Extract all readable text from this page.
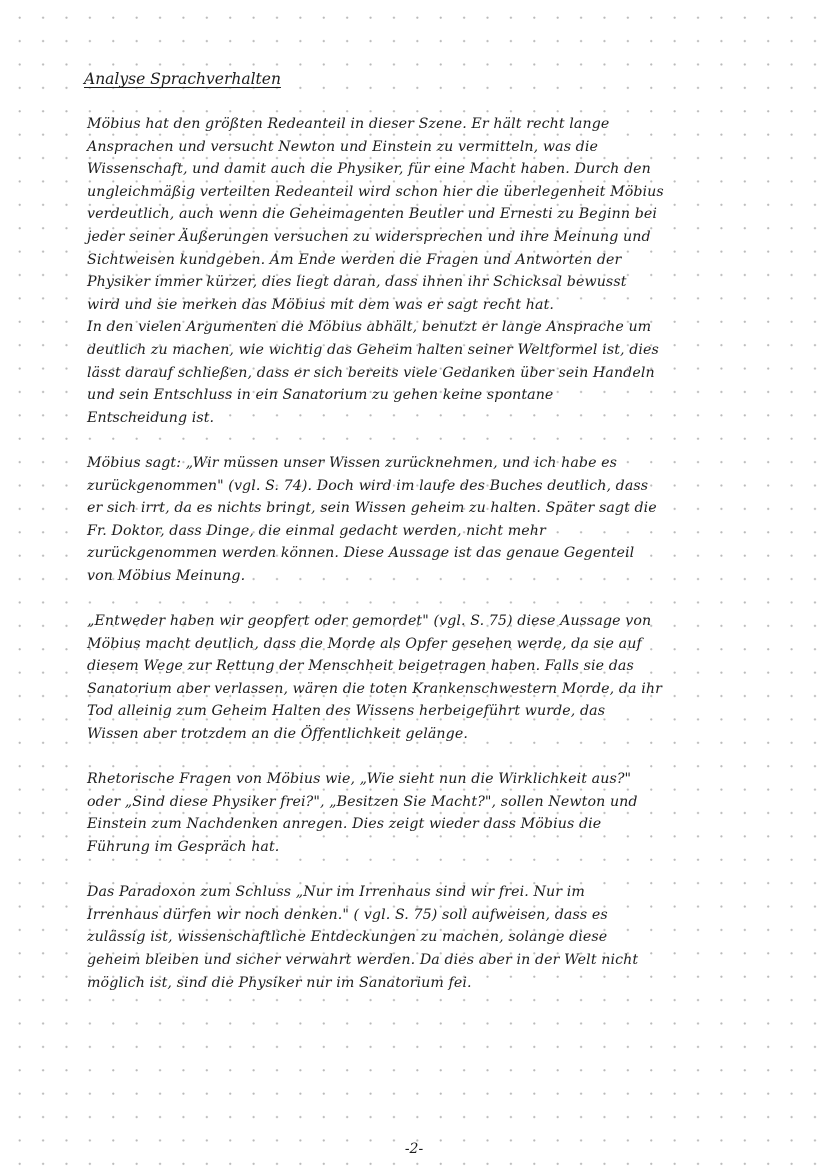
Analyse Sprachverhalten
Möbius hat den größten Redeanteil in dieser Szene. Er hält recht lange
Ansprachen und versucht Newton und Einstein zu vermitteln, was die
Wissenschaft, und damit auch die Physiker, für eine Macht haben. Durch den
ungleichmäßig verteilten Redeanteil wird schon hier die überlegenheit Möbius
verdeutlich, auch wenn die Geheimagenten Beutler und Ernesti zu Beginn bei
jeder seiner Äußerungen versuchen zu widersprechen und ihre Meinung und
Sichtweisen kundgeben. Am Ende werden die Fragen und Antworten der
Physiker immer kürzer, dies liegt daran, dass ihnen ihr Schicksal bewusst
wird und sie merken das Möbius mit dem was er sagt recht hat.
In den vielen Argumenten die Möbius abhält, benutzt er lange Ansprache um
deutlich zu machen, wie wichtig das Geheim halten seiner Weltformel ist, dies
lässt darauf schließen, dass er sich bereits viele Gedanken über sein Handeln
und sein Entschluss in ein Sanatorium zu gehen keine spontane
Entscheidung ist.
Möbius sagt: „Wir müssen unser Wissen zurücknehmen, und ich habe es
zurückgenommen" (vgl. S. 74). Doch wird im laufe des Buches deutlich, dass
er sich irrt, da es nichts bringt, sein Wissen geheim zu halten. Später sagt die
Fr. Doktor, dass Dinge, die einmal gedacht werden, nicht mehr
zurückgenommen werden können. Diese Aussage ist das genaue Gegenteil
von Möbius Meinung.
„Entweder haben wir geopfert oder gemordet" (vgl. S. 75) diese Aussage von
Möbius macht deutlich, dass die Morde als Opfer gesehen werde, da sie auf
diesem Wege zur Rettung der Menschheit beigetragen haben. Falls sie das
Sanatorium aber verlassen, wären die toten Krankenschwestern Morde, da ihr
Tod alleinig zum Geheim Halten des Wissens herbeigeführt wurde, das
Wissen aber trotzdem an die Öffentlichkeit gelänge.
Rhetorische Fragen von Möbius wie, „Wie sieht nun die Wirklichkeit aus?"
oder „Sind diese Physiker frei?", „Besitzen Sie Macht?", sollen Newton und
Einstein zum Nachdenken anregen. Dies zeigt wieder dass Möbius die
Führung im Gespräch hat.
Das Paradoxon zum Schluss „Nur im Irrenhaus sind wir frei. Nur im
Irrenhaus dürfen wir noch denken." ( vgl. S. 75) soll aufweisen, dass es
zulässig ist, wissenschaftliche Entdeckungen zu machen, solange diese
geheim bleiben und sicher verwahrt werden. Da dies aber in der Welt nicht
möglich ist, sind die Physiker nur im Sanatorium fei.
-2-
